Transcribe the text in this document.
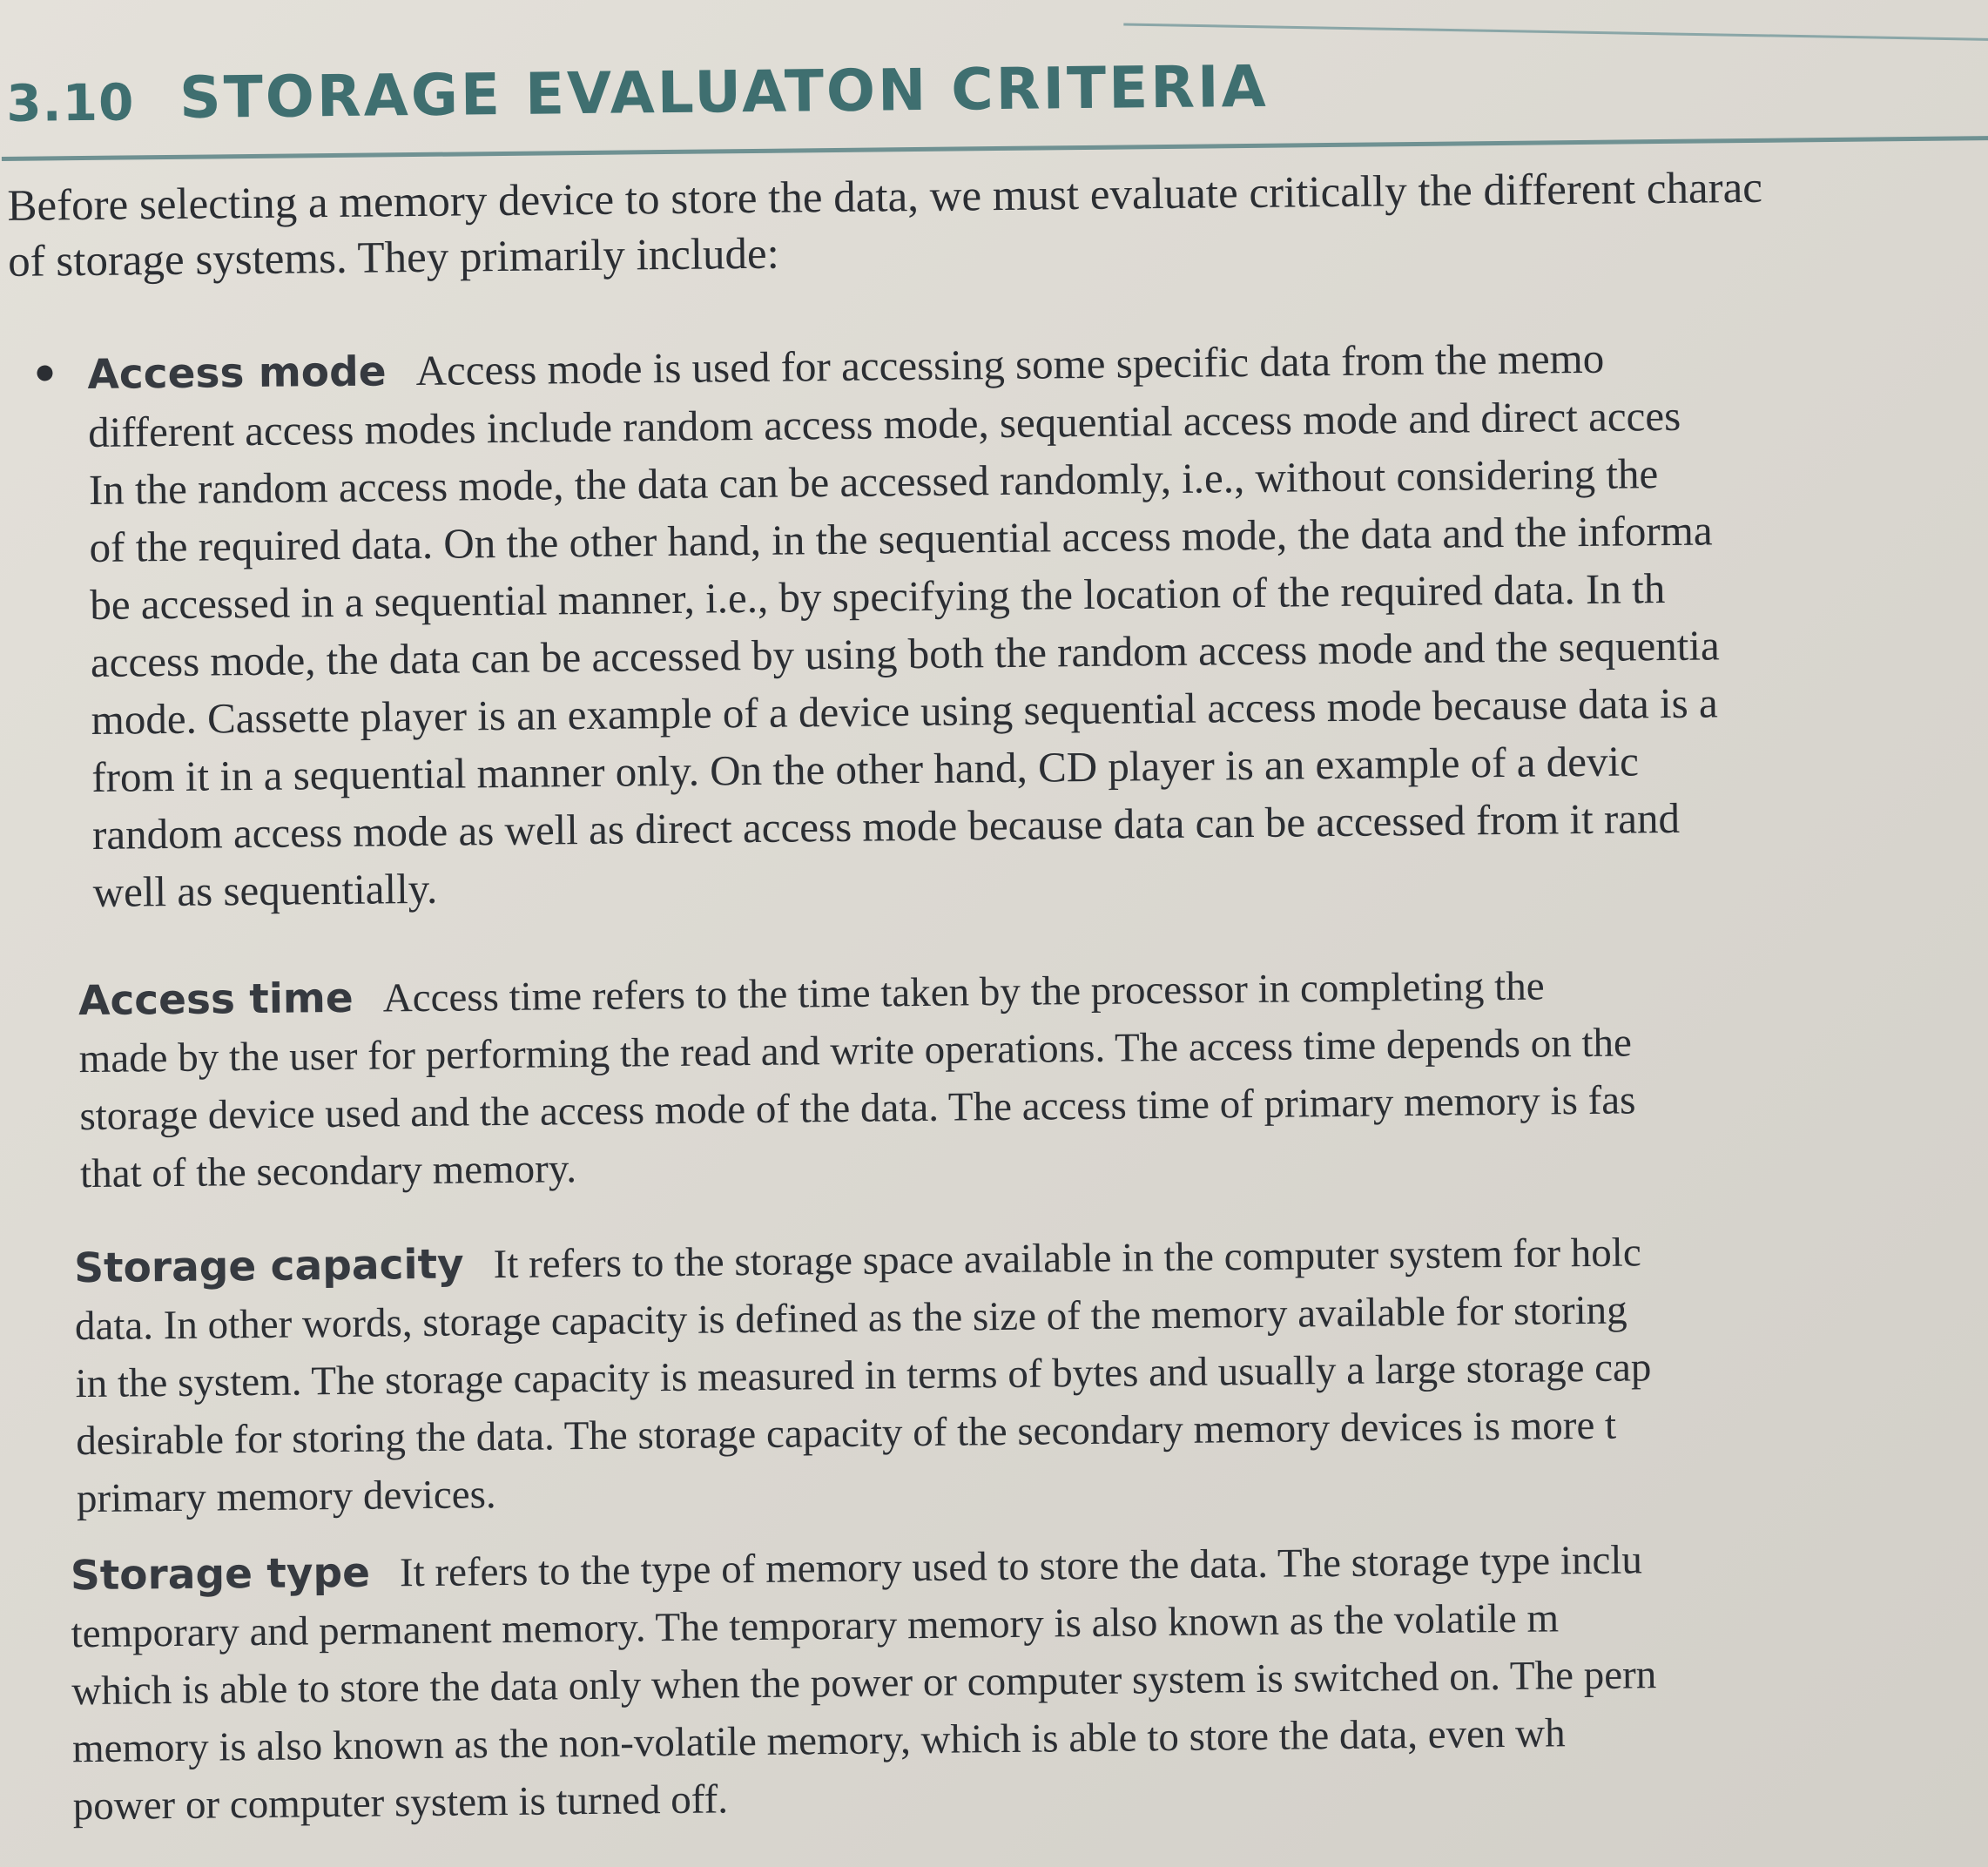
3.10 STORAGE EVALUATON CRITERIA

Before selecting a memory device to store the data, we must evaluate critically the different charac

of storage systems. They primarily include:

Access mode Access mode is used for accessing some specific data from the memo

different access modes include random access mode, sequential access mode and direct acces

In the random access mode, the data can be accessed randomly, i.e., without considering the

of the required data. On the other hand, in the sequential access mode, the data and the informa

be accessed in a sequential manner, i.e., by specifying the location of the required data. In th

access mode, the data can be accessed by using both the random access mode and the sequentia

mode. Cassette player is an example of a device using sequential access mode because data is a

from it in a sequential manner only. On the other hand, CD player is an example of a devic

random access mode as well as direct access mode because data can be accessed from it rand

well as sequentially.

Access time Access time refers to the time taken by the processor in completing the

made by the user for performing the read and write operations. The access time depends on the

storage device used and the access mode of the data. The access time of primary memory is fas

that of the secondary memory.

Storage capacity It refers to the storage space available in the computer system for holc

data. In other words, storage capacity is defined as the size of the memory available for storing

in the system. The storage capacity is measured in terms of bytes and usually a large storage cap

desirable for storing the data. The storage capacity of the secondary memory devices is more t

primary memory devices.

Storage type It refers to the type of memory used to store the data. The storage type inclu

temporary and permanent memory. The temporary memory is also known as the volatile m

which is able to store the data only when the power or computer system is switched on. The pern

memory is also known as the non-volatile memory, which is able to store the data, even wh

power or computer system is turned off.
